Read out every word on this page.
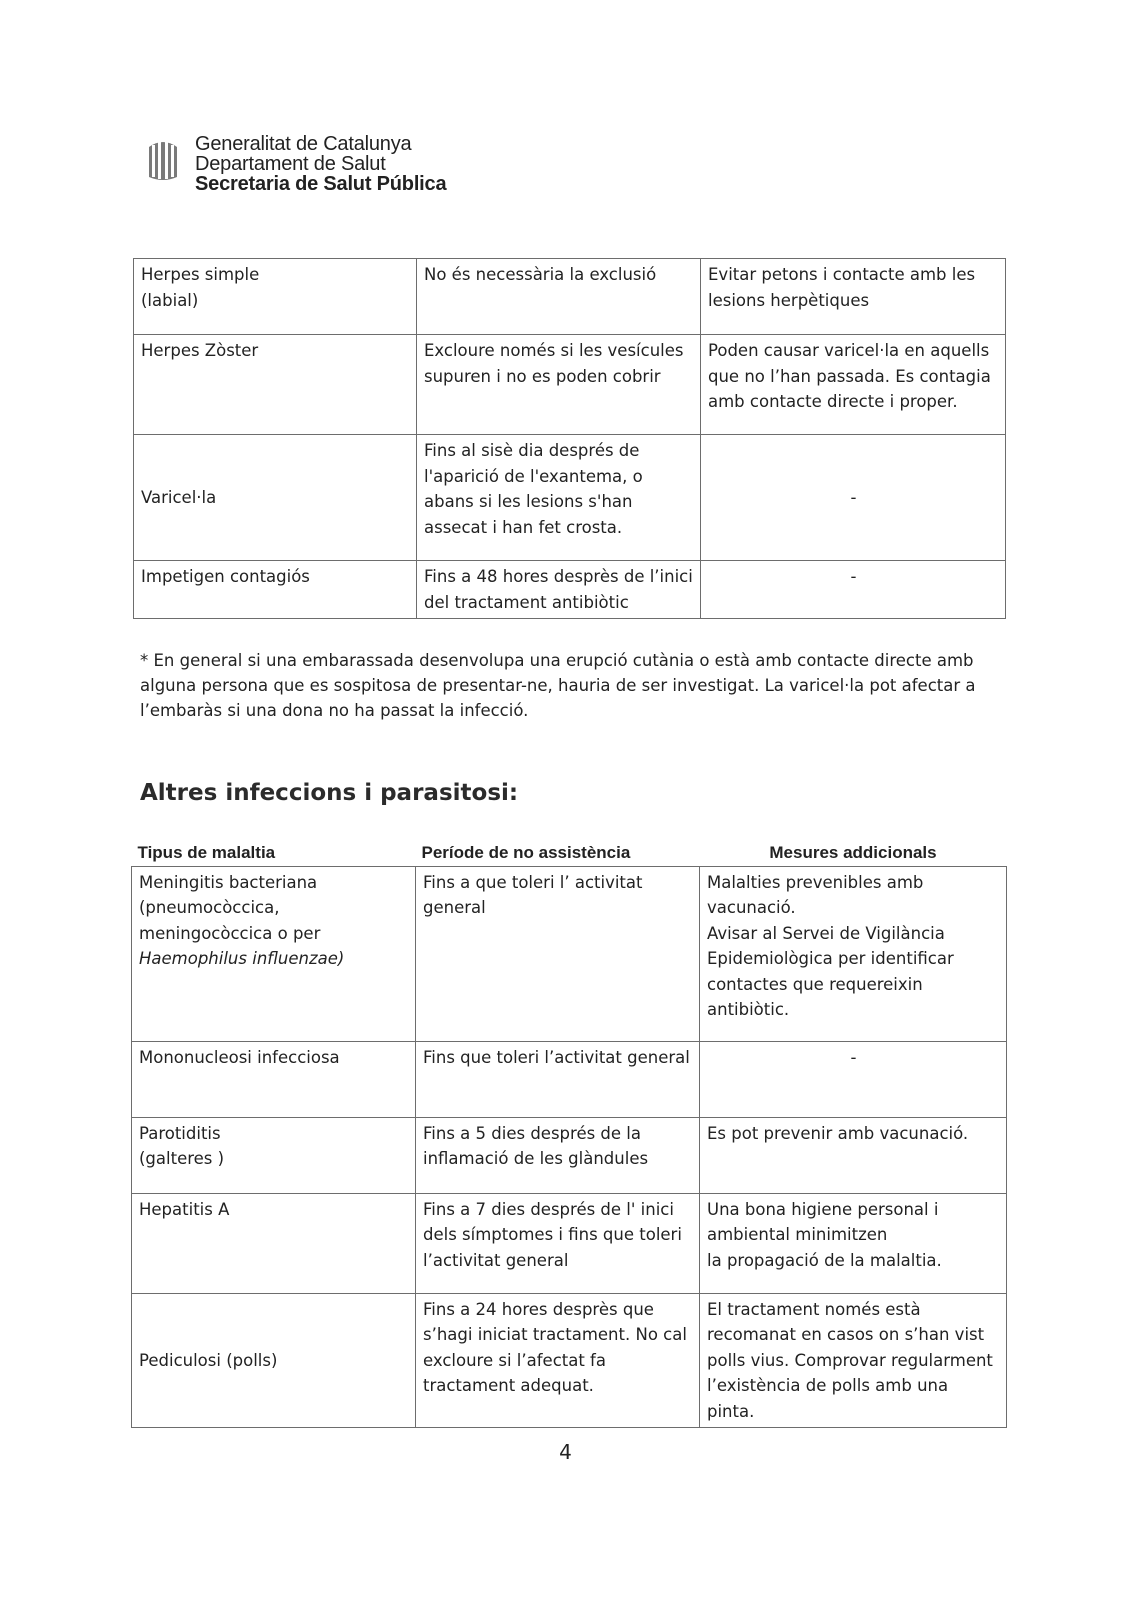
Generalitat de Catalunya
Departament de Salut
Secretaria de Salut Pública
Herpes simple
(labial)	No és necessària la exclusió	Evitar petons i contacte amb les lesions herpètiques
Herpes Zòster	Excloure només si les vesícules supuren i no es poden cobrir	Poden causar varicel·la en aquells que no l’han passada. Es contagia amb contacte directe i proper.
Varicel·la	Fins al sisè dia després de l'aparició de l'exantema, o abans si les lesions s'han assecat i han fet crosta.	-
Impetigen contagiós	Fins a 48 hores desprès de l’inici del tractament antibiòtic	-
* En general si una embarassada desenvolupa una erupció cutània o està amb contacte directe amb alguna persona que es sospitosa de presentar-ne, hauria de ser investigat. La varicel·la pot afectar a l’embaràs si una dona no ha passat la infecció.
Altres infeccions i parasitosi:
Tipus de malaltia	Període de no assistència	Mesures addicionals
Meningitis bacteriana
(pneumocòccica,
meningocòccica o per
Haemophilus influenzae)	Fins a que toleri l’ activitat general	Malalties prevenibles amb vacunació.
Avisar al Servei de Vigilància Epidemiològica per identificar contactes que requereixin antibiòtic.
Mononucleosi infecciosa	Fins que toleri l’activitat general	-
Parotiditis
(galteres )	Fins a 5 dies després de la inflamació de les glàndules	Es pot prevenir amb vacunació.
Hepatitis A	Fins a 7 dies després de l' inici dels símptomes i fins que toleri l’activitat general	Una bona higiene personal i ambiental minimitzen
la propagació de la malaltia.
Pediculosi (polls)	Fins a 24 hores desprès que s’hagi iniciat tractament. No cal excloure si l’afectat fa tractament adequat.	El tractament només està recomanat en casos on s’han vist polls vius. Comprovar regularment l’existència de polls amb una pinta.
4
